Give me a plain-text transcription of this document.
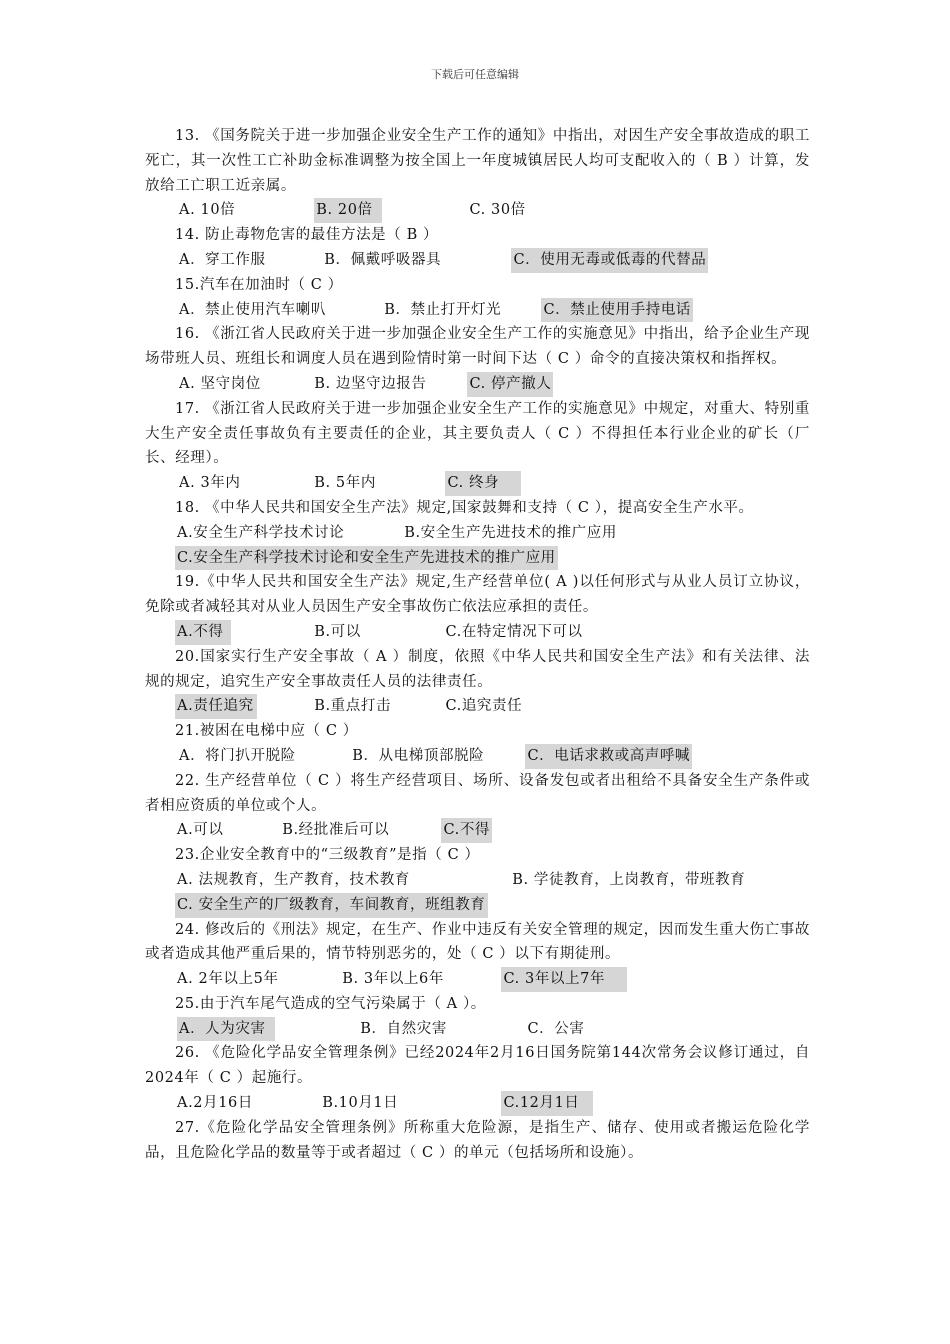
下载后可任意编辑

13. 《国务院关于进一步加强企业安全生产工作的通知》中指出，对因生产安全事故造成的职工死亡，其一次性工亡补助金标准调整为按全国上一年度城镇居民人均可支配收入的（ B ）计算，发放给工亡职工近亲属。

A. 10倍	B. 20倍	C. 30倍

14. 防止毒物危害的最佳方法是（ B ）

A．穿工作服	B．佩戴呼吸器具	C．使用无毒或低毒的代替品

15.汽车在加油时（ C ）

A．禁止使用汽车喇叭	B．禁止打开灯光	C．禁止使用手持电话

16. 《浙江省人民政府关于进一步加强企业安全生产工作的实施意见》中指出，给予企业生产现场带班人员、班组长和调度人员在遇到险情时第一时间下达（ C ）命令的直接决策权和指挥权。

A. 坚守岗位	B. 边坚守边报告	C. 停产撤人

17. 《浙江省人民政府关于进一步加强企业安全生产工作的实施意见》中规定，对重大、特别重大生产安全责任事故负有主要责任的企业，其主要负责人（ C ）不得担任本行业企业的矿长（厂长、经理）。

A. 3年内	B. 5年内	C. 终身

18. 《中华人民共和国安全生产法》规定,国家鼓舞和支持（ C ），提高安全生产水平。

A.安全生产科学技术讨论	B.安全生产先进技术的推广应用

C.安全生产科学技术讨论和安全生产先进技术的推广应用

19.《中华人民共和国安全生产法》规定,生产经营单位( A )以任何形式与从业人员订立协议，免除或者减轻其对从业人员因生产安全事故伤亡依法应承担的责任。

A.不得	B.可以	C.在特定情况下可以

20.国家实行生产安全事故（ A ）制度，依照《中华人民共和国安全生产法》和有关法律、法规的规定，追究生产安全事故责任人员的法律责任。

A.责任追究	B.重点打击	C.追究责任

21.被困在电梯中应（ C ）

A．将门扒开脱险	B．从电梯顶部脱险	C．电话求救或高声呼喊

22. 生产经营单位（ C ）将生产经营项目、场所、设备发包或者出租给不具备安全生产条件或者相应资质的单位或个人。

A.可以	B.经批准后可以	C.不得

23.企业安全教育中的“三级教育”是指（ C ）

A. 法规教育，生产教育，技术教育	B. 学徒教育，上岗教育，带班教育

C. 安全生产的厂级教育，车间教育，班组教育

24. 修改后的《刑法》规定，在生产、作业中违反有关安全管理的规定，因而发生重大伤亡事故或者造成其他严重后果的，情节特别恶劣的，处（ C ）以下有期徒刑。

A. 2年以上5年	B. 3年以上6年	C. 3年以上7年

25.由于汽车尾气造成的空气污染属于（ A ）。

A．人为灾害	B．自然灾害	C．公害

26. 《危险化学品安全管理条例》已经2024年2月16日国务院第144次常务会议修订通过，自2024年（ C ）起施行。

A.2月16日	B.10月1日	C.12月1日

27.《危险化学品安全管理条例》所称重大危险源，是指生产、储存、使用或者搬运危险化学品，且危险化学品的数量等于或者超过（ C ）的单元（包括场所和设施）。
